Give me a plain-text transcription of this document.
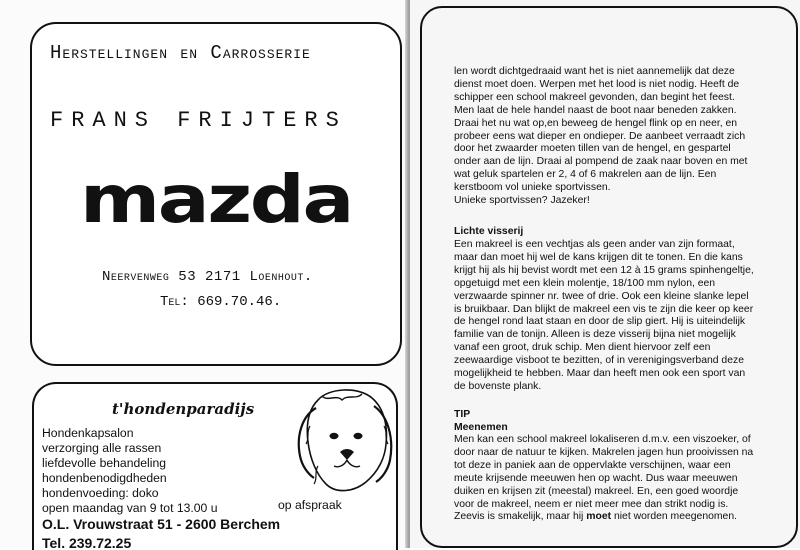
Herstellingen en Carrosserie
FRANS FRIJTERS
mazda
Neervenweg 53 2171 Loenhout.
Tel: 669.70.46.
t'hondenparadijs
Hondenkapsalon
verzorging alle rassen
liefdevolle behandeling
hondenbenodigdheden
hondenvoeding: doko
open maandag van 9 tot 13.00 u	op afspraak
O.L. Vrouwstraat 51 - 2600 Berchem
Tel. 239.72.25

len wordt dichtgedraaid want het is niet aannemelijk dat deze dienst moet doen. Werpen met het lood is niet nodig. Heeft de schipper een school makreel gevonden, dan begint het feest. Men laat de hele handel naast de boot naar beneden zakken. Draai het nu wat op,en beweeg de hengel flink op en neer, en probeer eens wat dieper en ondieper. De aanbeet verraadt zich door het zwaarder moeten tillen van de hengel, en gespartel onder aan de lijn. Draai al pompend de zaak naar boven en met wat geluk spartelen er 2, 4 of 6 makrelen aan de lijn. Een kerstboom vol unieke sportvissen.

Unieke sportvissen? Jazeker!

Lichte visserij
Een makreel is een vechtjas als geen ander van zijn formaat, maar dan moet hij wel de kans krijgen dit te tonen. En die kans krijgt hij als hij bevist wordt met een 12 à 15 grams spinhengeltje, opgetuigd met een klein molentje, 18/100 mm nylon, een verzwaarde spinner nr. twee of drie. Ook een kleine slanke lepel is bruikbaar. Dan blijkt de makreel een vis te zijn die keer op keer de hengel rond laat staan en door de slip giert. Hij is uiteindelijk familie van de tonijn. Alleen is deze visserij bijna niet mogelijk vanaf een groot, druk schip. Men dient hiervoor zelf een zeewaardige visboot te bezitten, of in verenigingsverband deze mogelijkheid te hebben. Maar dan heeft men ook een sport van de bovenste plank.
TIP
Meenemen
Men kan een school makreel lokaliseren d.m.v. een viszoeker, of door naar de natuur te kijken. Makrelen jagen hun prooivissen na tot deze in paniek aan de oppervlakte verschijnen, waar een meute krijsende meeuwen hen op wacht. Dus waar meeuwen duiken en krijsen zit (meestal) makreel. En, een goed woordje voor de makreel, neem er niet meer mee dan strikt nodig is. Zeevis is smakelijk, maar hij moet niet worden meegenomen.
